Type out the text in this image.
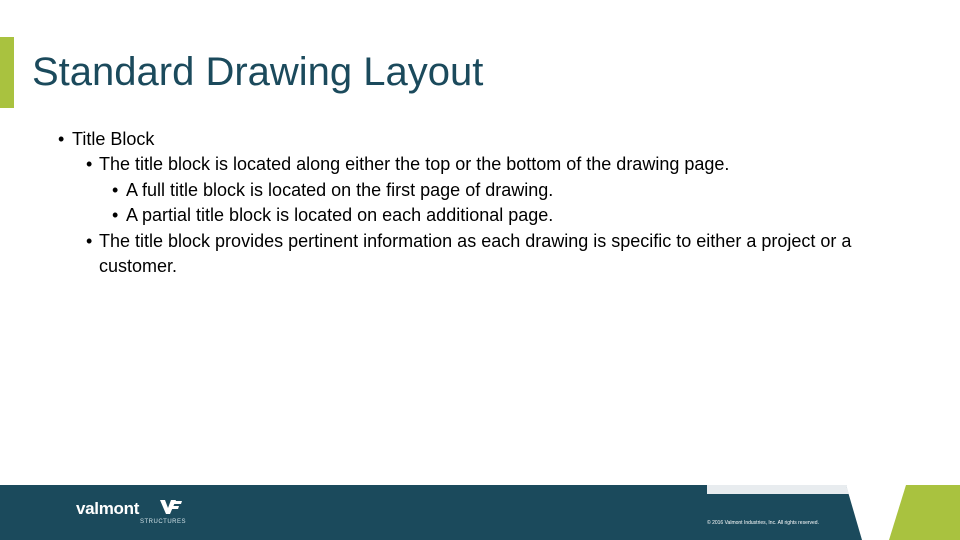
Standard Drawing Layout
• Title Block
• The title block is located along either the top or the bottom of the drawing page.
• A full title block is located on the first page of drawing.
• A partial title block is located on each additional page.
• The title block provides pertinent information as each drawing is specific to either a project or a
customer.
valmont
STRUCTURES	© 2016 Valmont Industries, Inc. All rights reserved.
